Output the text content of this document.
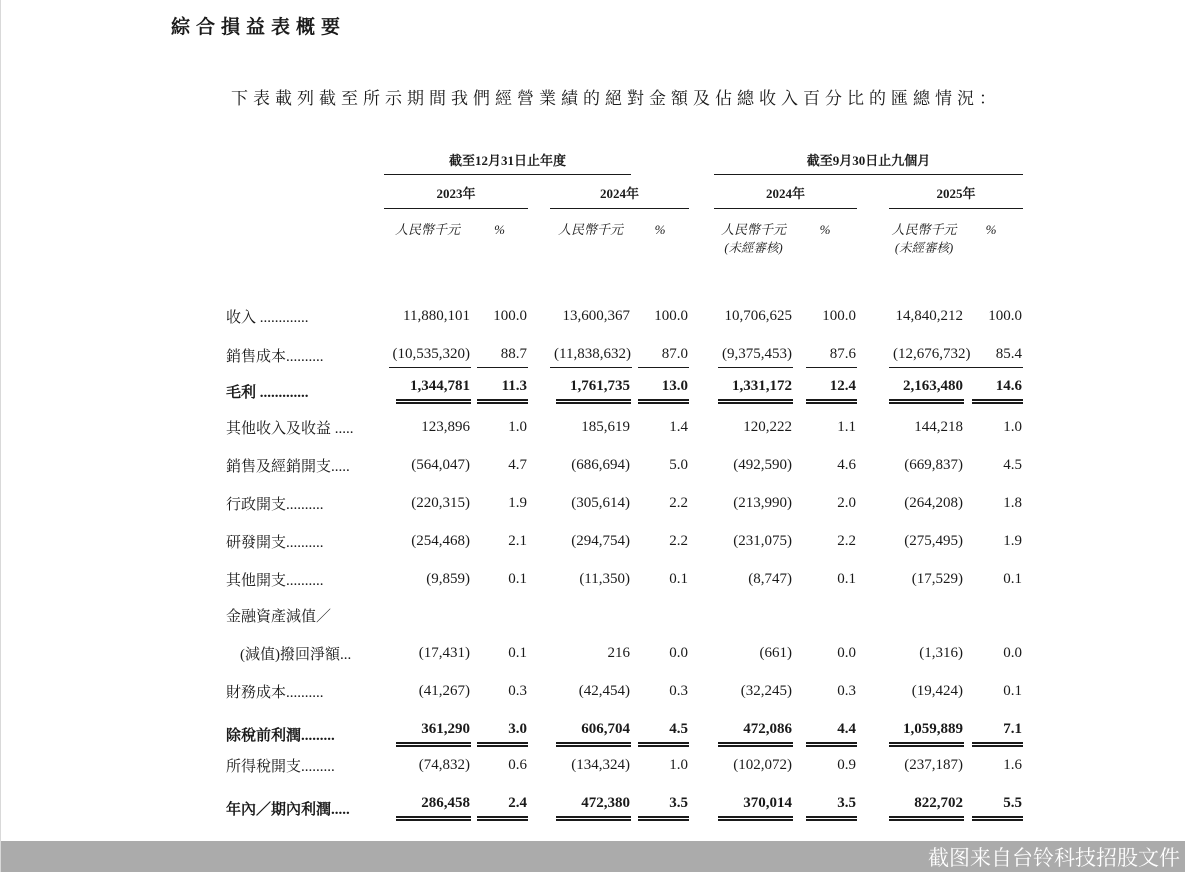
綜合損益表概要
下表載列截至所示期間我們經營業績的絕對金額及佔總收入百分比的匯總情況：
截至12月31日止年度	截至9月30日止九個月
2023年	2024年	2024年	2025年
人民幣千元	%	人民幣千元	%	人民幣千元
(未經審核)
%	人民幣千元
(未經審核)
%
收入 .............	11,880,101	100.0	13,600,367	100.0	10,706,625	100.0	14,840,212	100.0
銷售成本..........	(10,535,320)	88.7 (11,838,632)	87.0	(9,375,453)	87.6 (12,676,732)	85.4
毛利 .............	1,344,781	11.3	1,761,735	13.0	1,331,172	12.4	2,163,480	14.6
其他收入及收益 .....	123,896	1.0	185,619	1.4	120,222	1.1	144,218	1.0
銷售及經銷開支.....	(564,047)	4.7	(686,694)	5.0	(492,590)	4.6	(669,837)	4.5
行政開支..........	(220,315)	1.9	(305,614)	2.2	(213,990)	2.0	(264,208)	1.8
研發開支..........	(254,468)	2.1	(294,754)	2.2	(231,075)	2.2	(275,495)	1.9
其他開支..........	(9,859)	0.1	(11,350)	0.1	(8,747)	0.1	(17,529)	0.1
金融資產減值／
(減值)撥回淨額...	(17,431)	0.1	216	0.0	(661)	0.0	(1,316)	0.0
財務成本..........	(41,267)	0.3	(42,454)	0.3	(32,245)	0.3	(19,424)	0.1
除稅前利潤.........	361,290	3.0	606,704	4.5	472,086	4.4	1,059,889	7.1
所得稅開支.........	(74,832)	0.6	(134,324)	1.0	(102,072)	0.9	(237,187)	1.6
年內／期內利潤.....	286,458	2.4	472,380	3.5	370,014	3.5	822,702	5.5
截图来自台铃科技招股文件
